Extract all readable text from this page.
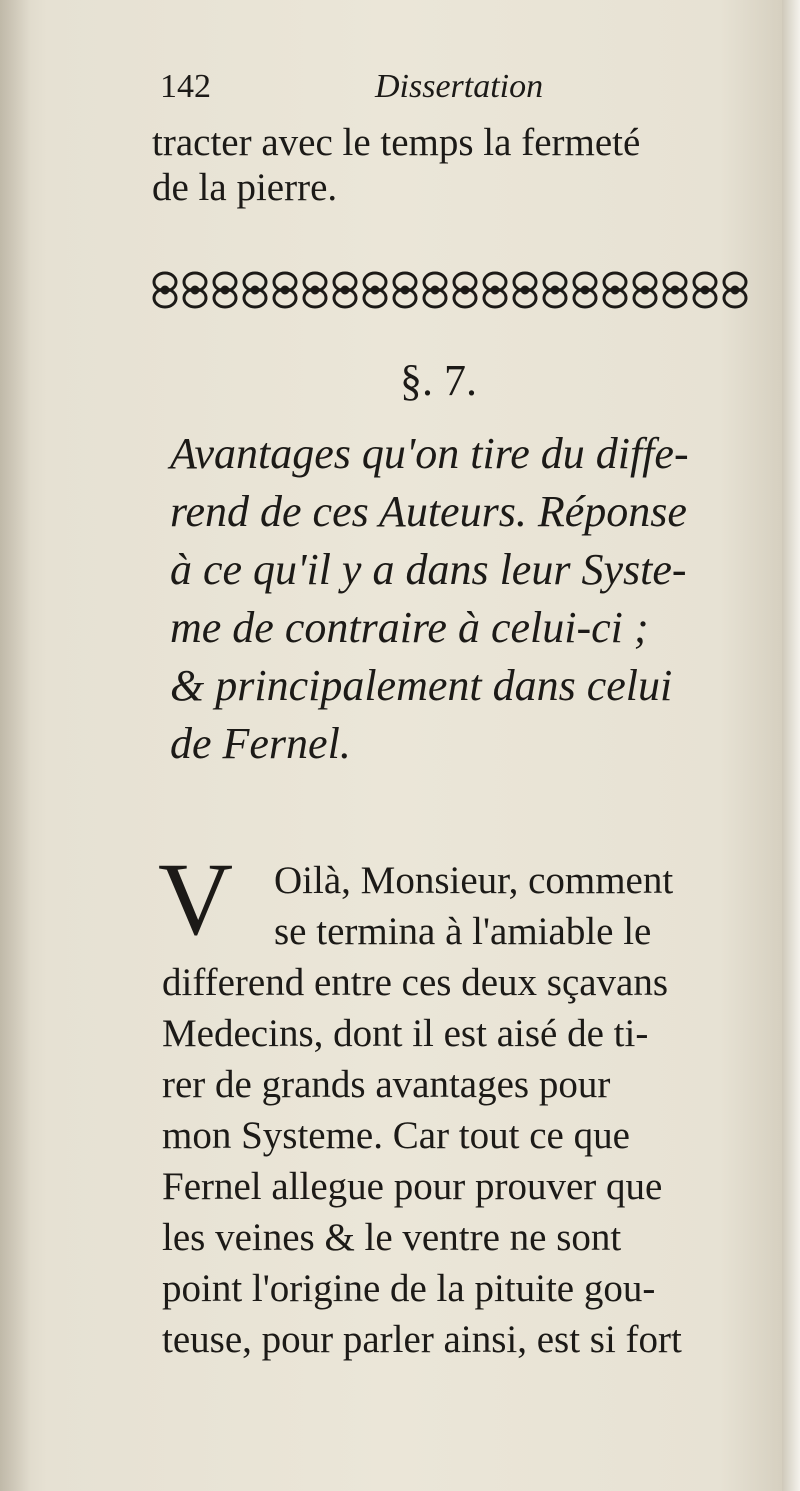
142	Dissertation
tracter avec le temps la fermeté
de la pierre.
§. 7.
Avantages qu'on tire du diffe-
rend de ces Auteurs. Réponse
à ce qu'il y a dans leur Syste-
me de contraire à celui-ci ;
& principalement dans celui
de Fernel.
V	Oilà, Monsieur, comment
se termina à l'amiable le
differend entre ces deux sçavans
Medecins, dont il est aisé de ti-
rer de grands avantages pour
mon Systeme. Car tout ce que
Fernel allegue pour prouver que
les veines & le ventre ne sont
point l'origine de la pituite gou-
teuse, pour parler ainsi, est si fort
